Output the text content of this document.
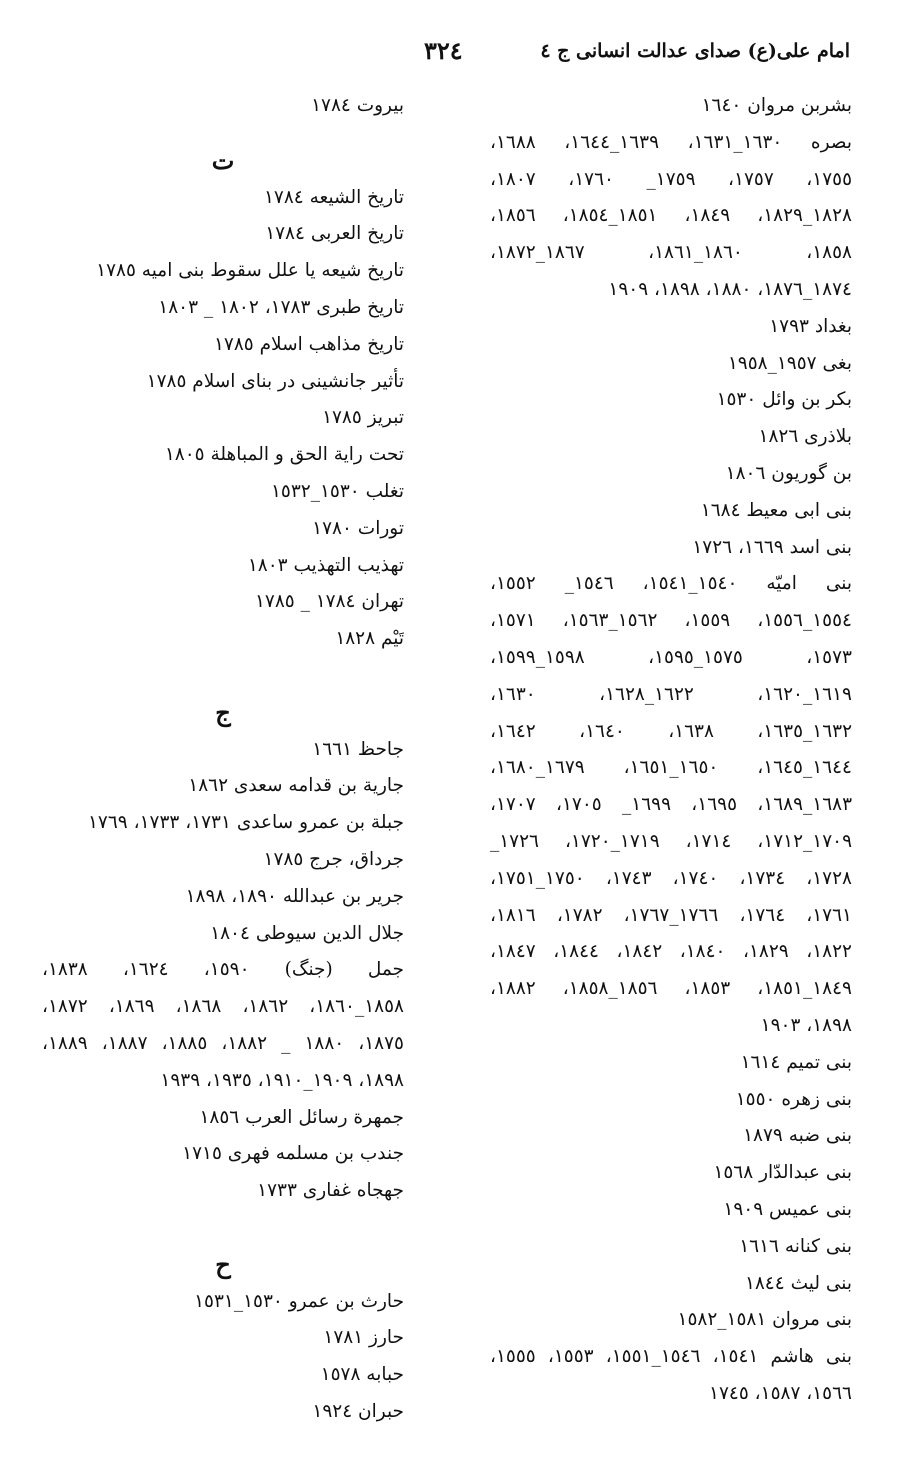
امام علی(ع) صدای عدالت انسانی ج ٤
٣٢٤
بشربن مروان ١٦٤٠
بصره ١٦٣٠_١٦٣١، ١٦٣٩_١٦٤٤، ١٦٨٨،
١٧٥٥، ١٧٥٧، ١٧٥٩_ ١٧٦٠، ١٨٠٧،
١٨٢٨_١٨٢٩، ١٨٤٩، ١٨٥١_١٨٥٤، ١٨٥٦،
١٨٥٨، ١٨٦٠_١٨٦١، ١٨٦٧_١٨٧٢،
١٨٧٤_١٨٧٦، ١٨٨٠، ١٨٩٨، ١٩٠٩
بغداد ١٧٩٣
بغی ١٩٥٧_١٩٥٨
بکر بن وائل ١٥٣٠
بلاذری ١٨٢٦
بن گوریون ١٨٠٦
بنی ابی معیط ١٦٨٤
بنی اسد ١٦٦٩، ١٧٢٦
بنی امیّه ١٥٤٠_١٥٤١، ١٥٤٦_ ١٥٥٢،
١٥٥٤_١٥٥٦، ١٥٥٩، ١٥٦٢_١٥٦٣، ١٥٧١،
١٥٧٣، ١٥٧٥_١٥٩٥، ١٥٩٨_١٥٩٩،
١٦١٩_١٦٢٠، ١٦٢٢_١٦٢٨، ١٦٣٠،
١٦٣٢_١٦٣٥، ١٦٣٨، ١٦٤٠، ١٦٤٢،
١٦٤٤_١٦٤٥، ١٦٥٠_١٦٥١، ١٦٧٩_١٦٨٠،
١٦٨٣_١٦٨٩، ١٦٩٥، ١٦٩٩_ ١٧٠٥، ١٧٠٧،
١٧٠٩_١٧١٢، ١٧١٤، ١٧١٩_١٧٢٠، ١٧٢٦_
١٧٢٨، ١٧٣٤، ١٧٤٠، ١٧٤٣، ١٧٥٠_١٧٥١،
١٧٦١، ١٧٦٤، ١٧٦٦_١٧٦٧، ١٧٨٢، ١٨١٦،
١٨٢٢، ١٨٢٩، ١٨٤٠، ١٨٤٢، ١٨٤٤، ١٨٤٧،
١٨٤٩_١٨٥١، ١٨٥٣، ١٨٥٦_١٨٥٨، ١٨٨٢،
١٨٩٨، ١٩٠٣
بنی تمیم ١٦١٤
بنی زهره ١٥٥٠
بنی ضبه ١٨٧٩
بنی عبدالدّار ١٥٦٨
بنی عمیس ١٩٠٩
بنی کنانه ١٦١٦
بنی لیث ١٨٤٤
بنی مروان ١٥٨١_١٥٨٢
بنی هاشم ١٥٤١، ١٥٤٦_١٥٥١، ١٥٥٣، ١٥٥٥،
١٥٦٦، ١٥٨٧، ١٧٤٥
بیروت ١٧٨٤
ت
تاریخ الشیعه ١٧٨٤
تاریخ العربی ١٧٨٤
تاریخ شیعه یا علل سقوط بنی امیه ١٧٨٥
تاریخ طبری ١٧٨٣، ١٨٠٢ _ ١٨٠٣
تاریخ مذاهب اسلام ١٧٨٥
تأثیر جانشینی در بنای اسلام ١٧٨٥
تبریز ١٧٨٥
تحت رایة الحق و المباهلة ١٨٠٥
تغلب ١٥٣٠_١٥٣٢
تورات ١٧٨٠
تهذیب التهذیب ١٨٠٣
تهران ١٧٨٤ _ ١٧٨٥
تَیْم ١٨٢٨
ج
جاحظ ١٦٦١
جاریة بن قدامه سعدی ١٨٦٢
جبلة بن عمرو ساعدی ١٧٣١، ١٧٣٣، ١٧٦٩
جرداق، جرج ١٧٨٥
جریر بن عبدالله ١٨٩٠، ١٨٩٨
جلال الدین سیوطی ١٨٠٤
جمل (جنگ) ١٥٩٠، ١٦٢٤، ١٨٣٨،
١٨٥٨_١٨٦٠، ١٨٦٢، ١٨٦٨، ١٨٦٩، ١٨٧٢،
١٨٧٥، ١٨٨٠ _ ١٨٨٢، ١٨٨٥، ١٨٨٧، ١٨٨٩،
١٨٩٨، ١٩٠٩_١٩١٠، ١٩٣٥، ١٩٣٩
جمهرة رسائل العرب ١٨٥٦
جندب بن مسلمه فهری ١٧١٥
جهجاه غفاری ١٧٣٣
ح
حارث بن عمرو ١٥٣٠_١٥٣١
حارز ١٧٨١
حبابه ١٥٧٨
حبران ١٩٢٤
